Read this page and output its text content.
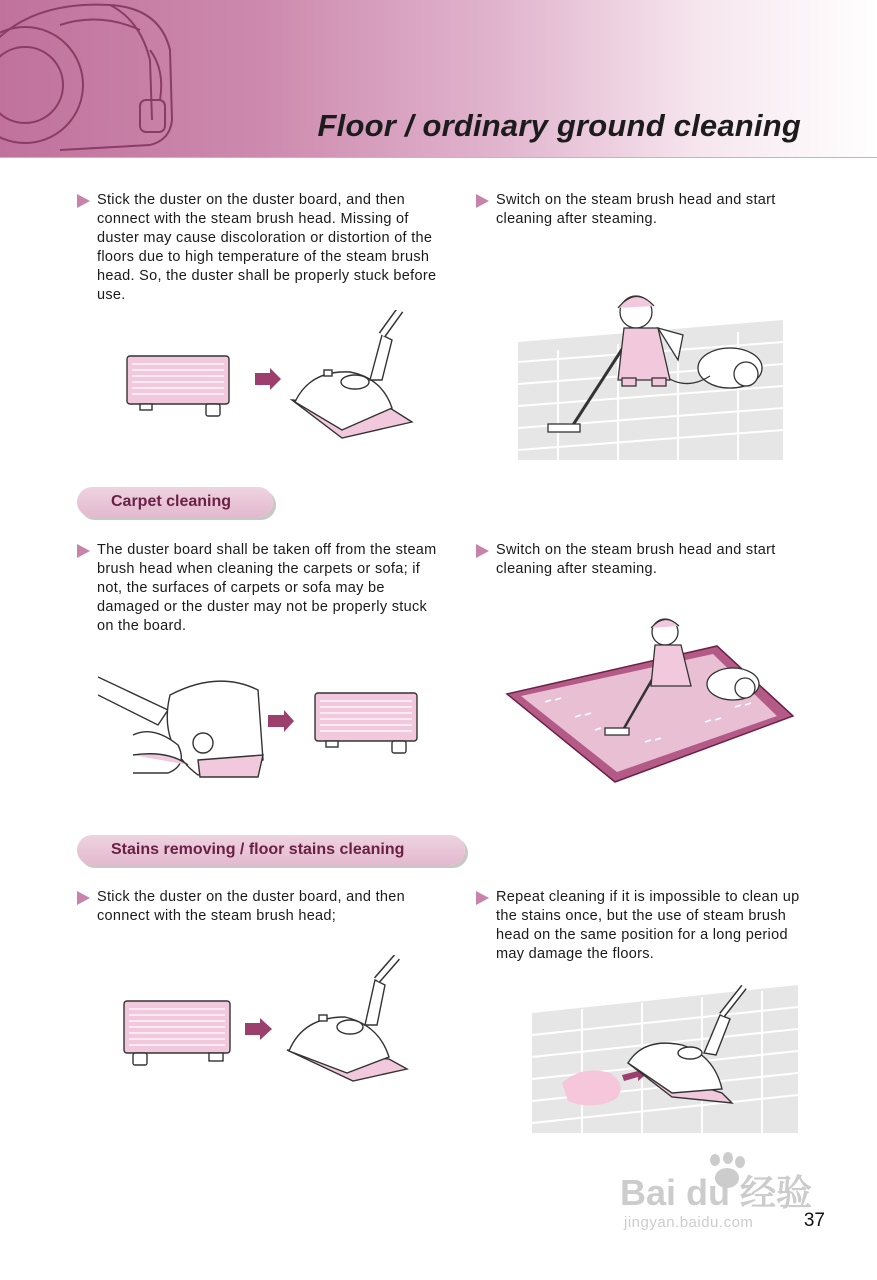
Floor / ordinary ground cleaning

Stick the duster on the duster board, and then connect with the steam brush head. Missing of duster may cause discoloration or distortion of the floors due to high temperature of the steam brush head. So, the duster shall be properly stuck before use.

Switch on the steam brush head and start cleaning after steaming.

Carpet cleaning

The duster board shall be taken off from the steam brush head when cleaning the carpets or sofa; if not, the surfaces of carpets or sofa may be damaged or the duster may not be properly stuck on the board.

Switch on the steam brush head and start cleaning after steaming.

Stains removing / floor stains cleaning

Stick the duster on the duster board, and then connect with the steam brush head;

Repeat cleaning if it is impossible to clean up the stains once, but the use of steam brush head on the same position for a long period may damage the floors.

Bai du 经验
jingyan.baidu.com	37
